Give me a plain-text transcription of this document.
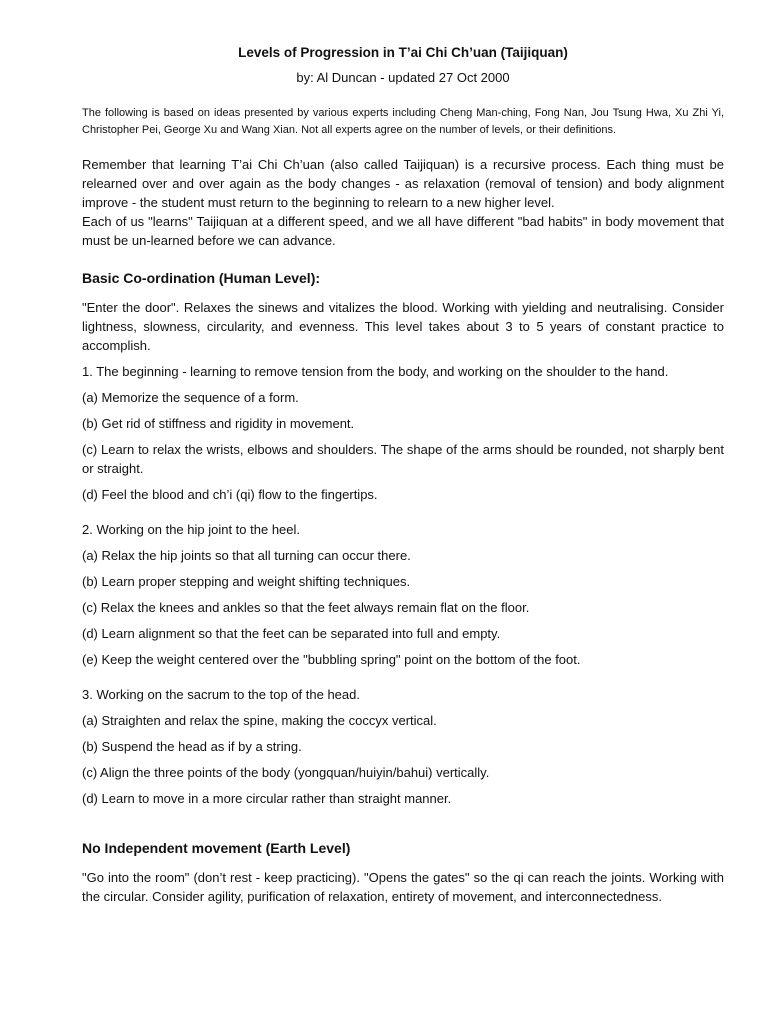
Levels of Progression in T’ai Chi Ch’uan (Taijiquan)

by: Al Duncan - updated 27 Oct 2000

The following is based on ideas presented by various experts including Cheng Man-ching, Fong Nan, Jou Tsung Hwa, Xu Zhi Yi, Christopher Pei, George Xu and Wang Xian. Not all experts agree on the number of levels, or their definitions.

Remember that learning T’ai Chi Ch’uan (also called Taijiquan) is a recursive process. Each thing must be relearned over and over again as the body changes - as relaxation (removal of tension) and body alignment improve - the student must return to the beginning to relearn to a new higher level.

Each of us "learns" Taijiquan at a different speed, and we all have different "bad habits" in body movement that must be un-learned before we can advance.

Basic Co-ordination (Human Level):

"Enter the door". Relaxes the sinews and vitalizes the blood. Working with yielding and neutralising. Consider lightness, slowness, circularity, and evenness. This level takes about 3 to 5 years of constant practice to accomplish.

1. The beginning - learning to remove tension from the body, and working on the shoulder to the hand.

(a) Memorize the sequence of a form.

(b) Get rid of stiffness and rigidity in movement.

(c) Learn to relax the wrists, elbows and shoulders. The shape of the arms should be rounded, not sharply bent or straight.

(d) Feel the blood and ch’i (qi) flow to the fingertips.

2. Working on the hip joint to the heel.

(a) Relax the hip joints so that all turning can occur there.

(b) Learn proper stepping and weight shifting techniques.

(c) Relax the knees and ankles so that the feet always remain flat on the floor.

(d) Learn alignment so that the feet can be separated into full and empty.

(e) Keep the weight centered over the "bubbling spring" point on the bottom of the foot.

3. Working on the sacrum to the top of the head.

(a) Straighten and relax the spine, making the coccyx vertical.

(b) Suspend the head as if by a string.

(c) Align the three points of the body (yongquan/huiyin/bahui) vertically.

(d) Learn to move in a more circular rather than straight manner.

No Independent movement (Earth Level)

"Go into the room" (don’t rest - keep practicing). "Opens the gates" so the qi can reach the joints. Working with the circular. Consider agility, purification of relaxation, entirety of movement, and interconnectedness.
